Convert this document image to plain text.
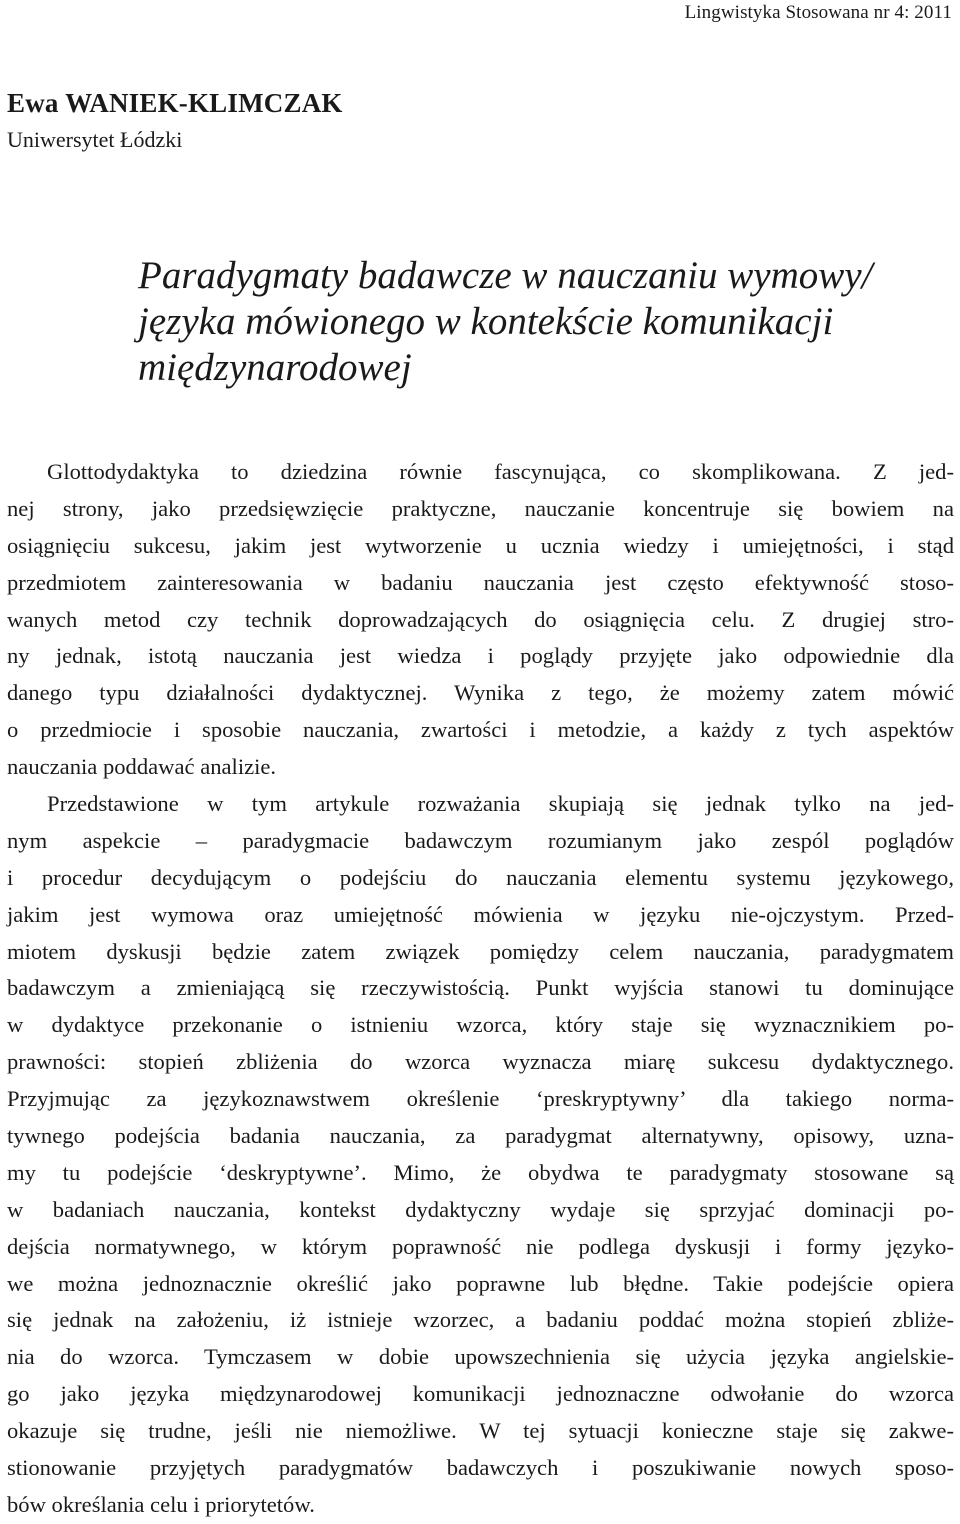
Lingwistyka Stosowana nr 4: 2011
Ewa WANIEK-KLIMCZAK
Uniwersytet Łódzki
Paradygmaty badawcze w nauczaniu wymowy/
języka mówionego w kontekście komunikacji
międzynarodowej
Glottodydaktyka to dziedzina równie fascynująca, co skomplikowana. Z jed-
nej strony, jako przedsięwzięcie praktyczne, nauczanie koncentruje się bowiem na
osiągnięciu sukcesu, jakim jest wytworzenie u ucznia wiedzy i umiejętności, i stąd
przedmiotem zainteresowania w badaniu nauczania jest często efektywność stoso-
wanych metod czy technik doprowadzających do osiągnięcia celu. Z drugiej stro-
ny jednak, istotą nauczania jest wiedza i poglądy przyjęte jako odpowiednie dla
danego typu działalności dydaktycznej. Wynika z tego, że możemy zatem mówić
o przedmiocie i sposobie nauczania, zwartości i metodzie, a każdy z tych aspektów
nauczania poddawać analizie.
Przedstawione w tym artykule rozważania skupiają się jednak tylko na jed-
nym aspekcie – paradygmacie badawczym rozumianym jako zespól poglądów
i procedur decydującym o podejściu do nauczania elementu systemu językowego,
jakim jest wymowa oraz umiejętność mówienia w języku nie-ojczystym. Przed-
miotem dyskusji będzie zatem związek pomiędzy celem nauczania, paradygmatem
badawczym a zmieniającą się rzeczywistością. Punkt wyjścia stanowi tu dominujące
w dydaktyce przekonanie o istnieniu wzorca, który staje się wyznacznikiem po-
prawności: stopień zbliżenia do wzorca wyznacza miarę sukcesu dydaktycznego.
Przyjmując za językoznawstwem określenie ‘preskryptywny’ dla takiego norma-
tywnego podejścia badania nauczania, za paradygmat alternatywny, opisowy, uzna-
my tu podejście ‘deskryptywne’. Mimo, że obydwa te paradygmaty stosowane są
w badaniach nauczania, kontekst dydaktyczny wydaje się sprzyjać dominacji po-
dejścia normatywnego, w którym poprawność nie podlega dyskusji i formy języko-
we można jednoznacznie określić jako poprawne lub błędne. Takie podejście opiera
się jednak na założeniu, iż istnieje wzorzec, a badaniu poddać można stopień zbliże-
nia do wzorca. Tymczasem w dobie upowszechnienia się użycia języka angielskie-
go jako języka międzynarodowej komunikacji jednoznaczne odwołanie do wzorca
okazuje się trudne, jeśli nie niemożliwe. W tej sytuacji konieczne staje się zakwe-
stionowanie przyjętych paradygmatów badawczych i poszukiwanie nowych sposo-
bów określania celu i priorytetów.
